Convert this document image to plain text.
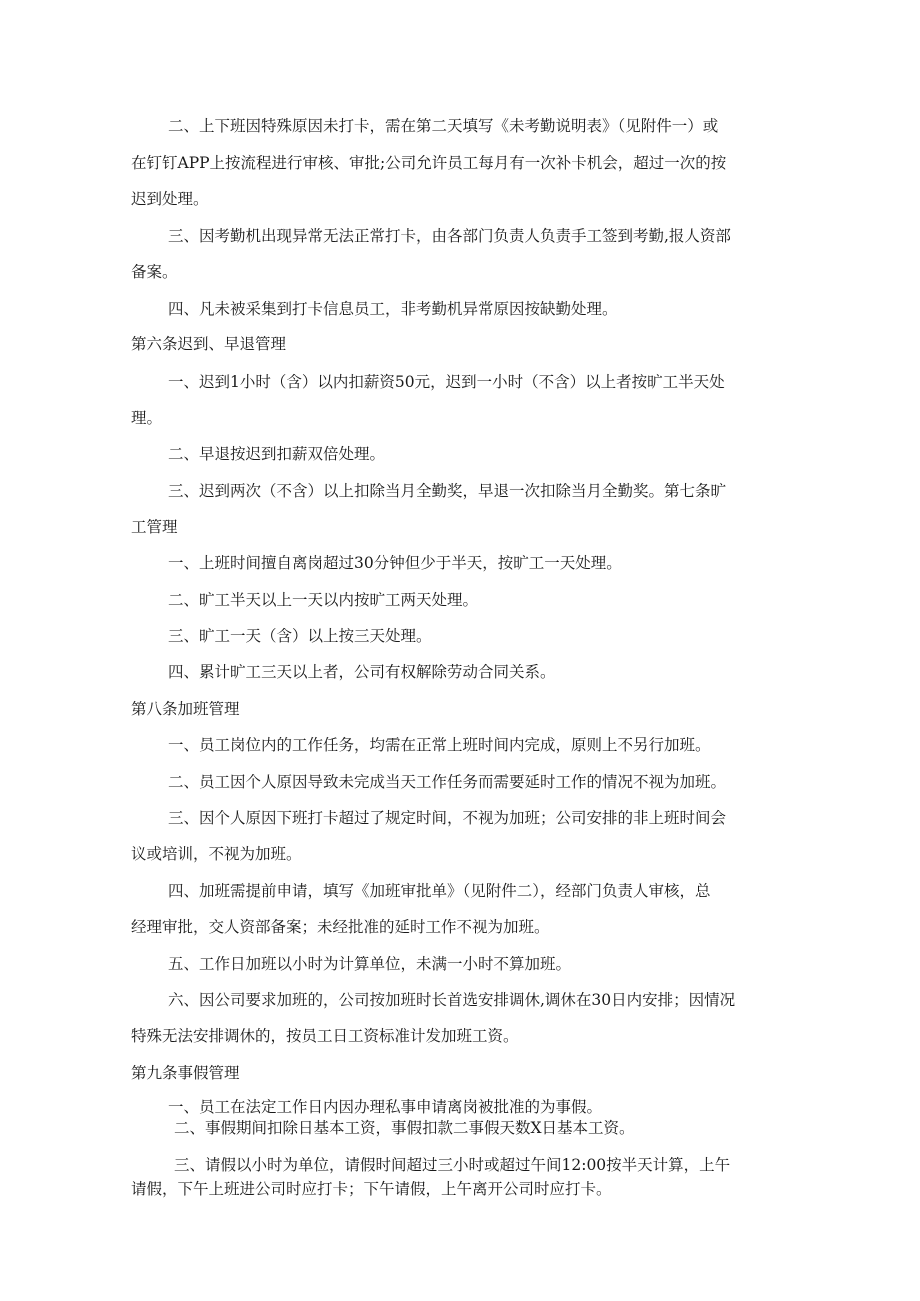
二、上下班因特殊原因未打卡，需在第二天填写《未考勤说明表》（见附件一）或
在钉钉APP上按流程进行审核、审批;公司允许员工每月有一次补卡机会，超过一次的按
迟到处理。
三、因考勤机出现异常无法正常打卡，由各部门负责人负责手工签到考勤,报人资部
备案。
四、凡未被采集到打卡信息员工，非考勤机异常原因按缺勤处理。
第六条迟到、早退管理
一、迟到1小时（含）以内扣薪资50元，迟到一小时（不含）以上者按旷工半天处
理。
二、早退按迟到扣薪双倍处理。
三、迟到两次（不含）以上扣除当月全勤奖，早退一次扣除当月全勤奖。第七条旷
工管理
一、上班时间擅自离岗超过30分钟但少于半天，按旷工一天处理。
二、旷工半天以上一天以内按旷工两天处理。
三、旷工一天（含）以上按三天处理。
四、累计旷工三天以上者，公司有权解除劳动合同关系。
第八条加班管理
一、员工岗位内的工作任务，均需在正常上班时间内完成，原则上不另行加班。
二、员工因个人原因导致未完成当天工作任务而需要延时工作的情况不视为加班。
三、因个人原因下班打卡超过了规定时间，不视为加班；公司安排的非上班时间会
议或培训，不视为加班。
四、加班需提前申请，填写《加班审批单》（见附件二），经部门负责人审核，总
经理审批，交人资部备案；未经批准的延时工作不视为加班。
五、工作日加班以小时为计算单位，未满一小时不算加班。
六、因公司要求加班的，公司按加班时长首选安排调休,调休在30日内安排；因情况
特殊无法安排调休的，按员工日工资标准计发加班工资。
第九条事假管理
一、员工在法定工作日内因办理私事申请离岗被批准的为事假。
二、事假期间扣除日基本工资，事假扣款二事假天数X日基本工资。
三、请假以小时为单位，请假时间超过三小时或超过午间12:00按半天计算，上午
请假，下午上班进公司时应打卡；下午请假，上午离开公司时应打卡。
